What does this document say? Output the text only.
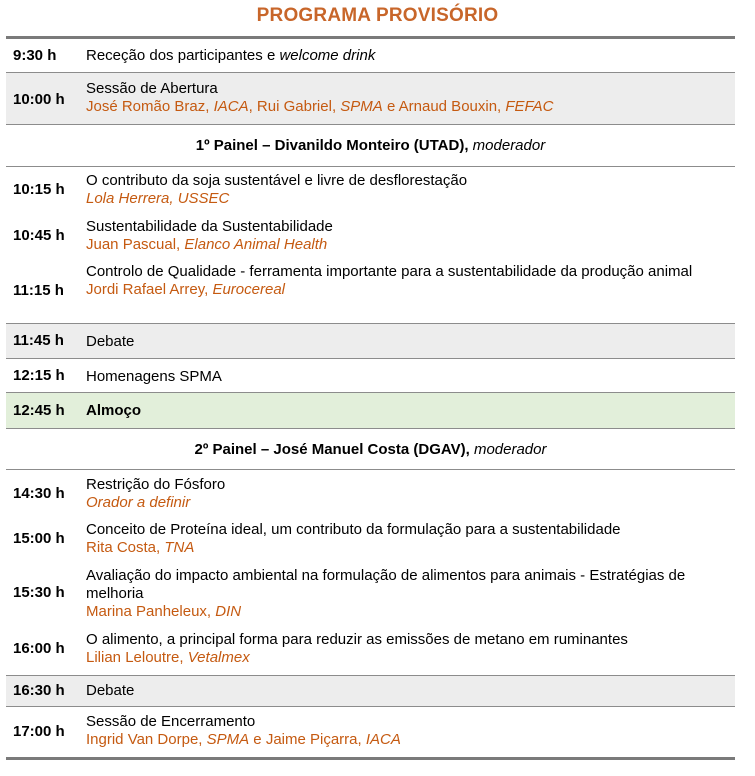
PROGRAMA PROVISÓRIO
9:30 h Receção dos participantes e welcome drink
10:00 h
Sessão de Abertura
José Romão Braz, IACA, Rui Gabriel, SPMA e Arnaud Bouxin, FEFAC
1º Painel – Divanildo Monteiro (UTAD), moderador
10:15 h
O contributo da soja sustentável e livre de desflorestação
Lola Herrera, USSEC
10:45 h
Sustentabilidade da Sustentabilidade
Juan Pascual, Elanco Animal Health
11:15 h
Controlo de Qualidade - ferramenta importante para a sustentabilidade da produção animal
Jordi Rafael Arrey, Eurocereal
11:45 h Debate
12:15 h Homenagens SPMA
12:45 h Almoço
2º Painel – José Manuel Costa (DGAV), moderador
14:30 h
Restrição do Fósforo
Orador a definir
15:00 h
Conceito de Proteína ideal, um contributo da formulação para a sustentabilidade
Rita Costa, TNA
15:30 h
Avaliação do impacto ambiental na formulação de alimentos para animais - Estratégias de melhoria
Marina Panheleux, DIN
16:00 h
O alimento, a principal forma para reduzir as emissões de metano em ruminantes
Lilian Leloutre, Vetalmex
16:30 h Debate
17:00 h
Sessão de Encerramento
Ingrid Van Dorpe, SPMA e Jaime Piçarra, IACA
